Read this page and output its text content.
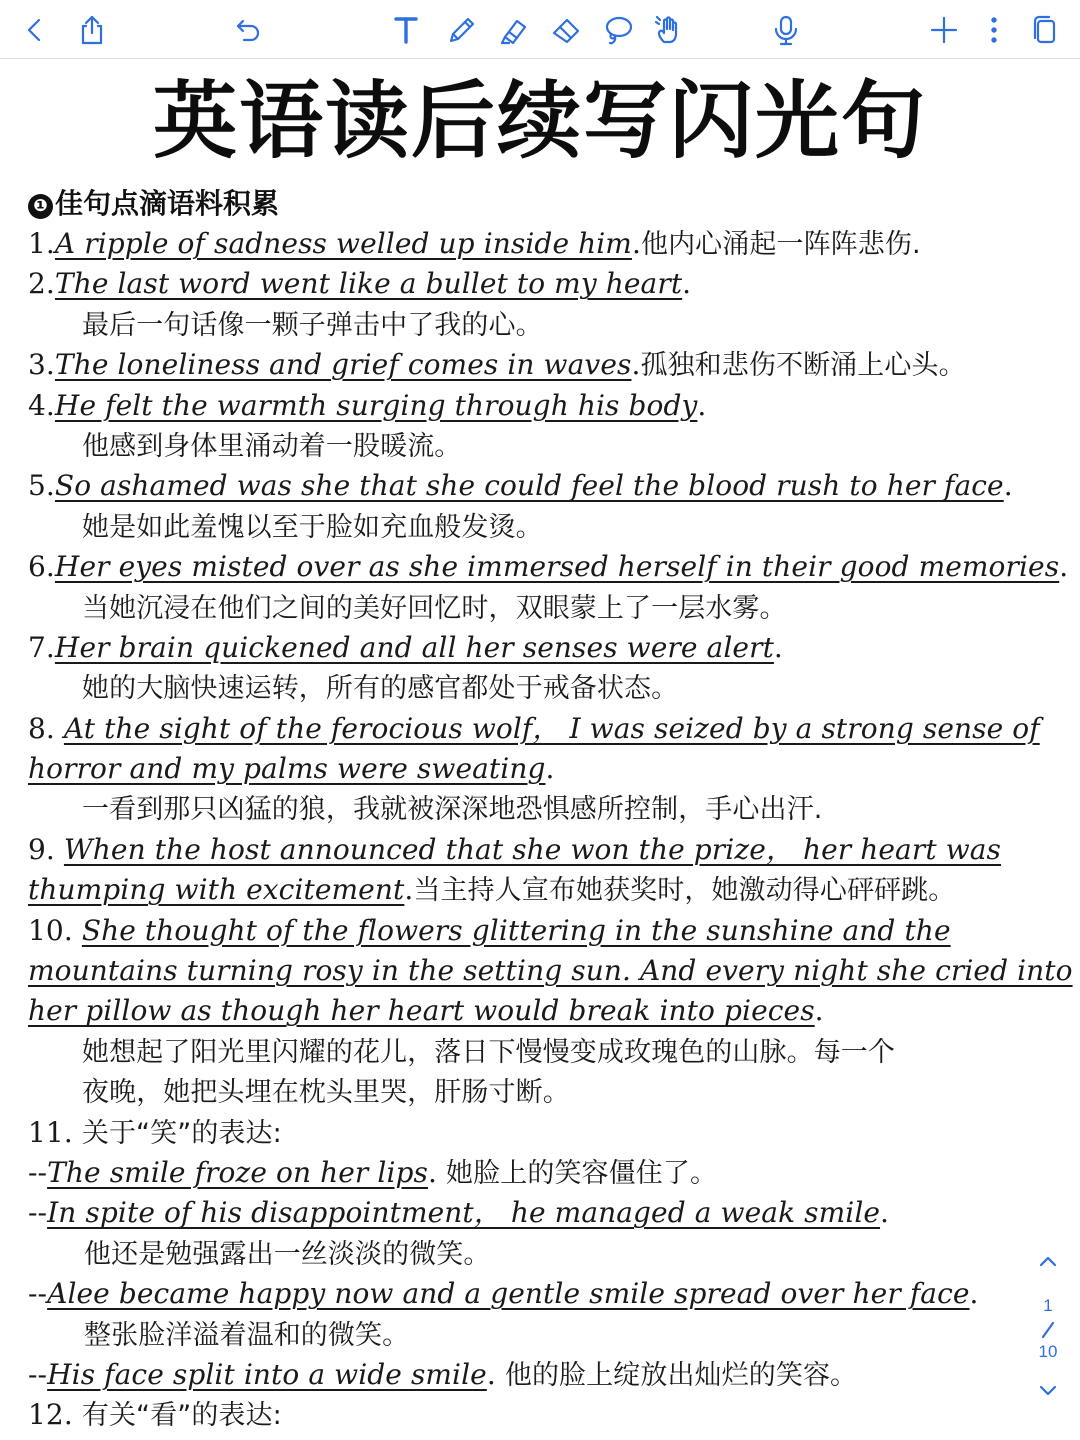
英语读后续写闪光句
❶ 佳句点滴语料积累
1.A ripple of sadness welled up inside him.他内心涌起一阵阵悲伤.
2.The last word went like a bullet to my heart.
最后一句话像一颗子弹击中了我的心。
3.The loneliness and grief comes in waves.孤独和悲伤不断涌上心头。
4.He felt the warmth surging through his body.
他感到身体里涌动着一股暖流。
5.So ashamed was she that she could feel the blood rush to her face.
她是如此羞愧以至于脸如充血般发烫。
6.Her eyes misted over as she immersed herself in their good memories.
当她沉浸在他们之间的美好回忆时，双眼蒙上了一层水雾。
7.Her brain quickened and all her senses were alert.
她的大脑快速运转，所有的感官都处于戒备状态。
8. At the sight of the ferocious wolf， I was seized by a strong sense of
horror and my palms were sweating.
一看到那只凶猛的狼，我就被深深地恐惧感所控制，手心出汗.
9. When the host announced that she won the prize， her heart was
thumping with excitement.当主持人宣布她获奖时，她激动得心砰砰跳。
10. She thought of the flowers glittering in the sunshine and the
mountains turning rosy in the setting sun. And every night she cried into
her pillow as though her heart would break into pieces.
她想起了阳光里闪耀的花儿，落日下慢慢变成玫瑰色的山脉。每一个
夜晚，她把头埋在枕头里哭，肝肠寸断。
11. 关于“笑”的表达:
--The smile froze on her lips. 她脸上的笑容僵住了。
--In spite of his disappointment， he managed a weak smile.
他还是勉强露出一丝淡淡的微笑。
--Alee became happy now and a gentle smile spread over her face.
整张脸洋溢着温和的微笑。
--His face split into a wide smile. 他的脸上绽放出灿烂的笑容。
12. 有关“看”的表达:
1
10
